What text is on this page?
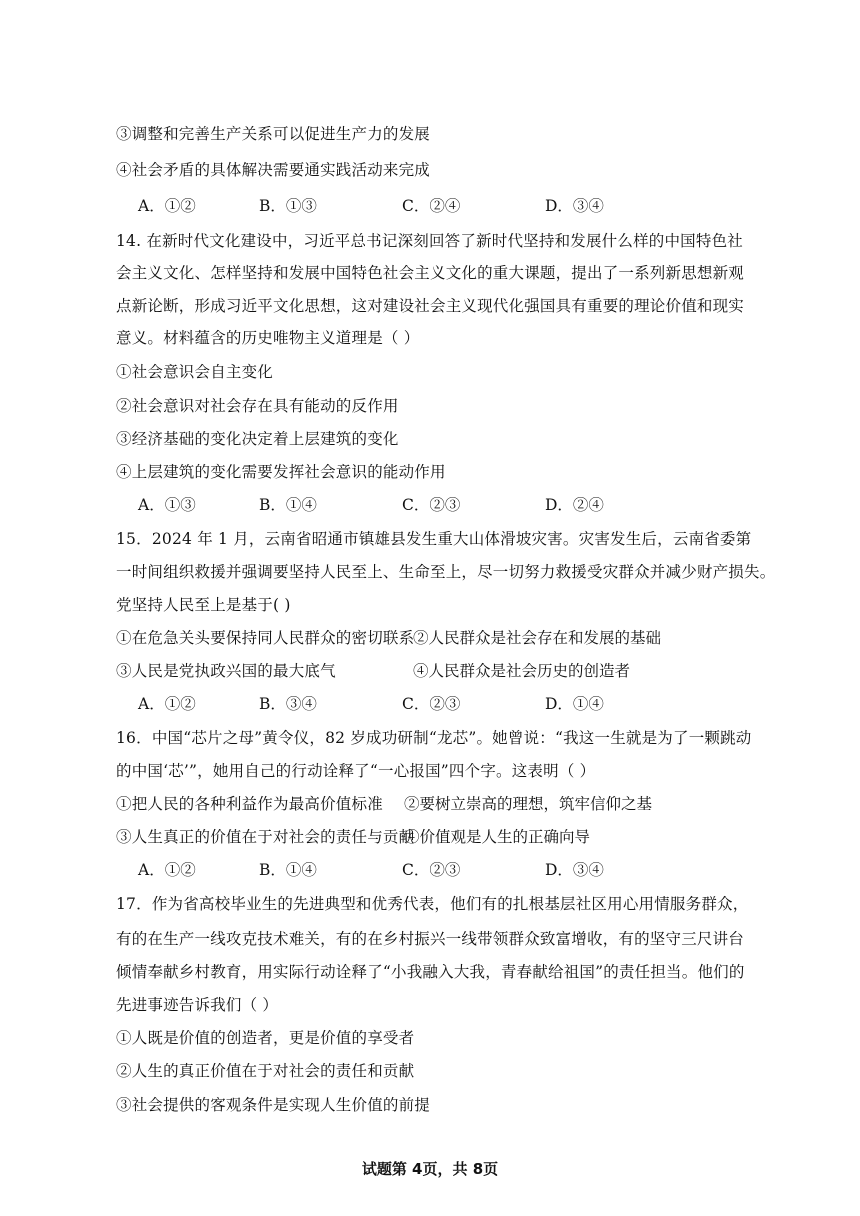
③调整和完善生产关系可以促进生产力的发展
④社会矛盾的具体解决需要通实践活动来完成
A．①②	B．①③	C．②④	D．③④
14. 在新时代文化建设中，习近平总书记深刻回答了新时代坚持和发展什么样的中国特色社
会主义文化、怎样坚持和发展中国特色社会主义文化的重大课题，提出了一系列新思想新观
点新论断，形成习近平文化思想，这对建设社会主义现代化强国具有重要的理论价值和现实
意义。材料蕴含的历史唯物主义道理是（ ）
①社会意识会自主变化
②社会意识对社会存在具有能动的反作用
③经济基础的变化决定着上层建筑的变化
④上层建筑的变化需要发挥社会意识的能动作用
A．①③	B．①④	C．②③	D．②④
15．2024 年 1 月，云南省昭通市镇雄县发生重大山体滑坡灾害。灾害发生后，云南省委第
一时间组织救援并强调要坚持人民至上、生命至上，尽一切努力救援受灾群众并减少财产损失。
党坚持人民至上是基于( )
①在危急关头要保持同人民群众的密切联系
②人民群众是社会存在和发展的基础
③人民是党执政兴国的最大底气	④人民群众是社会历史的创造者
A．①②	B．③④	C．②③	D．①④
16．中国“芯片之母”黄令仪，82 岁成功研制“龙芯”。她曾说：“我这一生就是为了一颗跳动
的中国‘芯’”，她用自己的行动诠释了“一心报国”四个字。这表明（ ）
①把人民的各种利益作为最高价值标准 ②要树立崇高的理想，筑牢信仰之基
③人生真正的价值在于对社会的责任与贡献
④价值观是人生的正确向导
A．①②	B．①④	C．②③	D．③④
17．作为省高校毕业生的先进典型和优秀代表，他们有的扎根基层社区用心用情服务群众，
有的在生产一线攻克技术难关，有的在乡村振兴一线带领群众致富增收，有的坚守三尺讲台
倾情奉献乡村教育，用实际行动诠释了“小我融入大我，青春献给祖国”的责任担当。他们的
先进事迹告诉我们（ ）
①人既是价值的创造者，更是价值的享受者
②人生的真正价值在于对社会的责任和贡献
③社会提供的客观条件是实现人生价值的前提
试题第 4页，共 8页
